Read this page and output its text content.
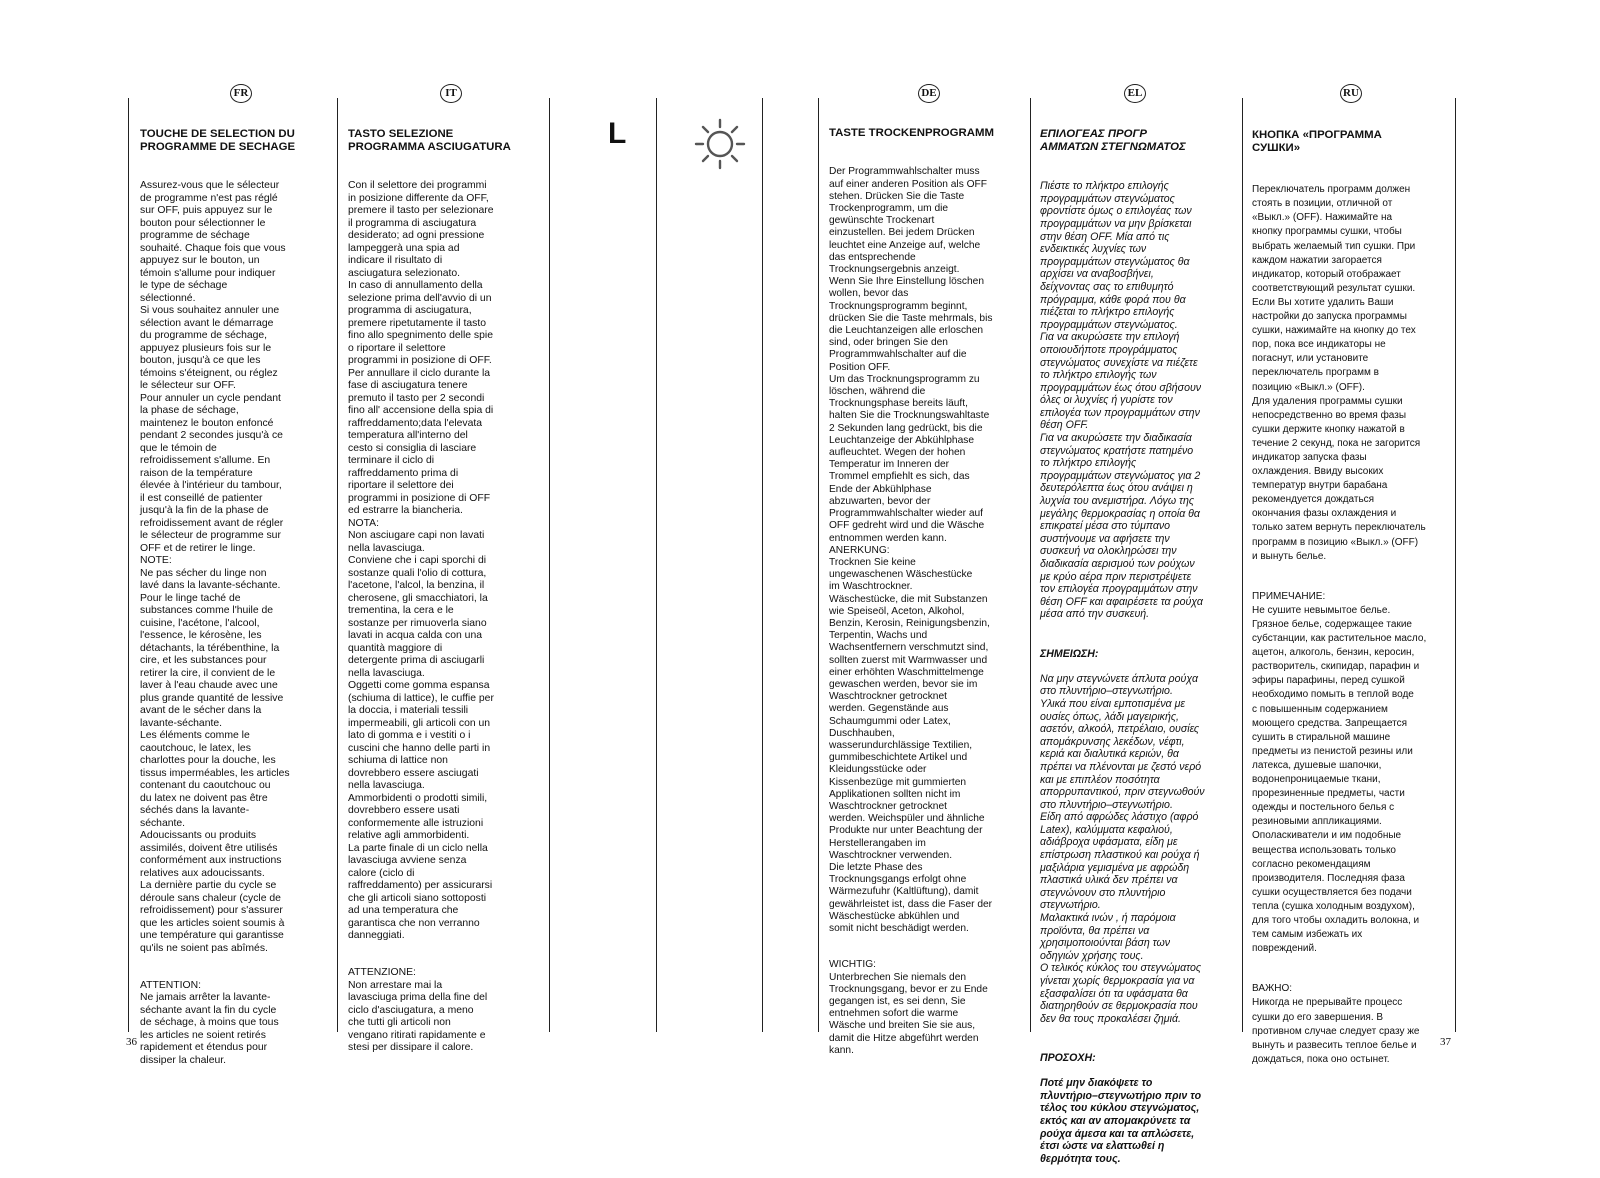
FR	IT	DE	EL	RU
L

TOUCHE DE SELECTION DU
PROGRAMME DE SECHAGE

Assurez-vous que le sélecteur
de programme n'est pas réglé
sur OFF, puis appuyez sur le
bouton pour sélectionner le
programme de séchage
souhaité. Chaque fois que vous
appuyez sur le bouton, un
témoin s'allume pour indiquer
le type de séchage
sélectionné.
Si vous souhaitez annuler une
sélection avant le démarrage
du programme de séchage,
appuyez plusieurs fois sur le
bouton, jusqu'à ce que les
témoins s'éteignent, ou réglez
le sélecteur sur OFF.
Pour annuler un cycle pendant
la phase de séchage,
maintenez le bouton enfoncé
pendant 2 secondes jusqu'à ce
que le témoin de
refroidissement s'allume. En
raison de la température
élevée à l'intérieur du tambour,
il est conseillé de patienter
jusqu'à la fin de la phase de
refroidissement avant de régler
le sélecteur de programme sur
OFF et de retirer le linge.
NOTE:
Ne pas sécher du linge non
lavé dans la lavante-séchante.
Pour le linge taché de
substances comme l'huile de
cuisine, l'acétone, l'alcool,
l'essence, le kérosène, les
détachants, la térébenthine, la
cire, et les substances pour
retirer la cire, il convient de le
laver à l'eau chaude avec une
plus grande quantité de lessive
avant de le sécher dans la
lavante-séchante.
Les éléments comme le
caoutchouc, le latex, les
charlottes pour la douche, les
tissus imperméables, les articles
contenant du caoutchouc ou
du latex ne doivent pas être
séchés dans la lavante-
séchante.
Adoucissants ou produits
assimilés, doivent être utilisés
conformément aux instructions
relatives aux adoucissants.
La dernière partie du cycle se
déroule sans chaleur (cycle de
refroidissement) pour s'assurer
que les articles soient soumis à
une température qui garantisse
qu'ils ne soient pas abîmés.

ATTENTION:
Ne jamais arrêter la lavante-
séchante avant la fin du cycle
de séchage, à moins que tous
les articles ne soient retirés
rapidement et étendus pour
dissiper la chaleur.

TASTO SELEZIONE
PROGRAMMA ASCIUGATURA

Con il selettore dei programmi
in posizione differente da OFF,
premere il tasto per selezionare
il programma di asciugatura
desiderato; ad ogni pressione
lampeggerà una spia ad
indicare il risultato di
asciugatura selezionato.
In caso di annullamento della
selezione prima dell'avvio di un
programma di asciugatura,
premere ripetutamente il tasto
fino allo spegnimento delle spie
o riportare il selettore
programmi in posizione di OFF.
Per annullare il ciclo durante la
fase di asciugatura tenere
premuto il tasto per 2 secondi
fino all' accensione della spia di
raffreddamento;data l'elevata
temperatura all'interno del
cesto si consiglia di lasciare
terminare il ciclo di
raffreddamento prima di
riportare il selettore dei
programmi in posizione di OFF
ed estrarre la biancheria.
NOTA:
Non asciugare capi non lavati
nella lavasciuga.
Conviene che i capi sporchi di
sostanze quali l'olio di cottura,
l'acetone, l'alcol, la benzina, il
cherosene, gli smacchiatori, la
trementina, la cera e le
sostanze per rimuoverla siano
lavati in acqua calda con una
quantità maggiore di
detergente prima di asciugarli
nella lavasciuga.
Oggetti come gomma espansa
(schiuma di lattice), le cuffie per
la doccia, i materiali tessili
impermeabili, gli articoli con un
lato di gomma e i vestiti o i
cuscini che hanno delle parti in
schiuma di lattice non
dovrebbero essere asciugati
nella lavasciuga.
Ammorbidenti o prodotti simili,
dovrebbero essere usati
conformemente alle istruzioni
relative agli ammorbidenti.
La parte finale di un ciclo nella
lavasciuga avviene senza
calore (ciclo di
raffreddamento) per assicurarsi
che gli articoli siano sottoposti
ad una temperatura che
garantisca che non verranno
danneggiati.

ATTENZIONE:
Non arrestare mai la
lavasciuga prima della fine del
ciclo d'asciugatura, a meno
che tutti gli articoli non
vengano ritirati rapidamente e
stesi per dissipare il calore.

TASTE TROCKENPROGRAMM

Der Programmwahlschalter muss
auf einer anderen Position als OFF
stehen. Drücken Sie die Taste
Trockenprogramm, um die
gewünschte Trockenart
einzustellen. Bei jedem Drücken
leuchtet eine Anzeige auf, welche
das entsprechende
Trocknungsergebnis anzeigt.
Wenn Sie Ihre Einstellung löschen
wollen, bevor das
Trocknungsprogramm beginnt,
drücken Sie die Taste mehrmals, bis
die Leuchtanzeigen alle erloschen
sind, oder bringen Sie den
Programmwahlschalter auf die
Position OFF.
Um das Trocknungsprogramm zu
löschen, während die
Trocknungsphase bereits läuft,
halten Sie die Trocknungswahltaste
2 Sekunden lang gedrückt, bis die
Leuchtanzeige der Abkühlphase
aufleuchtet. Wegen der hohen
Temperatur im Inneren der
Trommel empfiehlt es sich, das
Ende der Abkühlphase
abzuwarten, bevor der
Programmwahlschalter wieder auf
OFF gedreht wird und die Wäsche
entnommen werden kann.
ANERKUNG:
Trocknen Sie keine
ungewaschenen Wäschestücke
im Waschtrockner.
Wäschestücke, die mit Substanzen
wie Speiseöl, Aceton, Alkohol,
Benzin, Kerosin, Reinigungsbenzin,
Terpentin, Wachs und
Wachsentfernern verschmutzt sind,
sollten zuerst mit Warmwasser und
einer erhöhten Waschmittelmenge
gewaschen werden, bevor sie im
Waschtrockner getrocknet
werden. Gegenstände aus
Schaumgummi oder Latex,
Duschhauben,
wasserundurchlässige Textilien,
gummibeschichtete Artikel und
Kleidungsstücke oder
Kissenbezüge mit gummierten
Applikationen sollten nicht im
Waschtrockner getrocknet
werden. Weichspüler und ähnliche
Produkte nur unter Beachtung der
Herstellerangaben im
Waschtrockner verwenden.
Die letzte Phase des
Trocknungsgangs erfolgt ohne
Wärmezufuhr (Kaltlüftung), damit
gewährleistet ist, dass die Faser der
Wäschestücke abkühlen und
somit nicht beschädigt werden.

WICHTIG:
Unterbrechen Sie niemals den
Trocknungsgang, bevor er zu Ende
gegangen ist, es sei denn, Sie
entnehmen sofort die warme
Wäsche und breiten Sie sie aus,
damit die Hitze abgeführt werden
kann.

ΕΠΙΛΟΓΕΑΣ ΠΡΟΓΡ
ΑΜΜΑΤΩΝ ΣΤΕΓΝΩΜΑΤΟΣ

Πιέστε το πλήκτρο επιλογής
προγραμμάτων στεγνώματος
φροντίστε όμως ο επιλογέας των
προγραμμάτων να μην βρίσκεται
στην θέση OFF. Μία από τις
ενδεικτικές λυχνίες των
προγραμμάτων στεγνώματος θα
αρχίσει να αναβοσβήνει,
δείχνοντας σας το επιθυμητό
πρόγραμμα, κάθε φορά που θα
πιέζεται το πλήκτρο επιλογής
προγραμμάτων στεγνώματος.
Για να ακυρώσετε την επιλογή
οποιουδήποτε προγράμματος
στεγνώματος συνεχίστε να πιέζετε
το πλήκτρο επιλογής των
προγραμμάτων έως ότου σβήσουν
όλες οι λυχνίες ή γυρίστε τον
επιλογέα των προγραμμάτων στην
θέση OFF.
Για να ακυρώσετε την διαδικασία
στεγνώματος κρατήστε πατημένο
το πλήκτρο επιλογής
προγραμμάτων στεγνώματος για 2
δευτερόλεπτα έως ότου ανάψει η
λυχνία του ανεμιστήρα. Λόγω της
μεγάλης θερμοκρασίας η οποία θα
επικρατεί μέσα στο τύμπανο
συστήνουμε να αφήσετε την
συσκευή να ολοκληρώσει την
διαδικασία αερισμού των ρούχων
με κρύο αέρα πριν περιστρέψετε
τον επιλογέα προγραμμάτων στην
θέση OFF και αφαιρέσετε τα ρούχα
μέσα από την συσκευή.

ΣΗΜΕΙΩΣΗ:

Να μην στεγνώνετε άπλυτα ρούχα
στο πλυντήριο–στεγνωτήριο.
Υλικά που είναι εμποτισμένα με
ουσίες όπως, λάδι μαγειρικής,
ασετόν, αλκοόλ, πετρέλαιο, ουσίες
απομάκρυνσης λεκέδων, νέφτι,
κεριά και διαλυτικά κεριών, θα
πρέπει να πλένονται με ζεστό νερό
και με επιπλέον ποσότητα
απορρυπαντικού, πριν στεγνωθούν
στο πλυντήριο–στεγνωτήριο.
Είδη από αφρώδες λάστιχο (αφρό
Latex), καλύμματα κεφαλιού,
αδιάβροχα υφάσματα, είδη με
επίστρωση πλαστικού και ρούχα ή
μαξιλάρια γεμισμένα με αφρώδη
πλαστικά υλικά δεν πρέπει να
στεγνώνουν στο πλυντήριο
στεγνωτήριο.
Μαλακτικά ινών , ή παρόμοια
προϊόντα, θα πρέπει να
χρησιμοποιούνται βάση των
οδηγιών χρήσης τους.
Ο τελικός κύκλος του στεγνώματος
γίνεται χωρίς θερμοκρασία για να
εξασφαλίσει ότι τα υφάσματα θα
διατηρηθούν σε θερμοκρασία που
δεν θα τους προκαλέσει ζημιά.

ΠΡΟΣΟΧΗ:

Ποτέ μην διακόψετε το
πλυντήριο–στεγνωτήριο πριν το
τέλος του κύκλου στεγνώματος,
εκτός και αν απομακρύνετε τα
ρούχα άμεσα και τα απλώσετε,
έτσι ώστε να ελαττωθεί η
θερμότητα τους.

КНОПКА «ПРОГРАММА
СУШКИ»

Переключатель программ должен
стоять в позиции, отличной от
«Выкл.» (OFF). Нажимайте на
кнопку программы сушки, чтобы
выбрать желаемый тип сушки. При
каждом нажатии загорается
индикатор, который отображает
соответствующий результат сушки.
Если Вы хотите удалить Ваши
настройки до запуска программы
сушки, нажимайте на кнопку до тех
пор, пока все индикаторы не
погаснут, или установите
переключатель программ в
позицию «Выкл.» (OFF).
Для удаления программы сушки
непосредственно во время фазы
сушки держите кнопку нажатой в
течение 2 секунд, пока не загорится
индикатор запуска фазы
охлаждения. Ввиду высоких
температур внутри барабана
рекомендуется дождаться
окончания фазы охлаждения и
только затем вернуть переключатель
программ в позицию «Выкл.» (OFF)
и вынуть белье.

ПРИМЕЧАНИЕ:
Не сушите невымытое белье.
Грязное белье, содержащее такие
субстанции, как растительное масло,
ацетон, алкоголь, бензин, керосин,
растворитель, скипидар, парафин и
эфиры парафины, перед сушкой
необходимо помыть в теплой воде
с повышенным содержанием
моющего средства. Запрещается
сушить в стиральной машине
предметы из пенистой резины или
латекса, душевые шапочки,
водонепроницаемые ткани,
прорезиненные предметы, части
одежды и постельного белья с
резиновыми аппликациями.
Ополаскиватели и им подобные
вещества использовать только
согласно рекомендациям
производителя. Последняя фаза
сушки осуществляется без подачи
тепла (сушка холодным воздухом),
для того чтобы охладить волокна, и
тем самым избежать их
повреждений.

ВАЖНО:
Никогда не прерывайте процесс
сушки до его завершения. В
противном случае следует сразу же
вынуть и развесить теплое белье и
дождаться, пока оно остынет.

36	37
